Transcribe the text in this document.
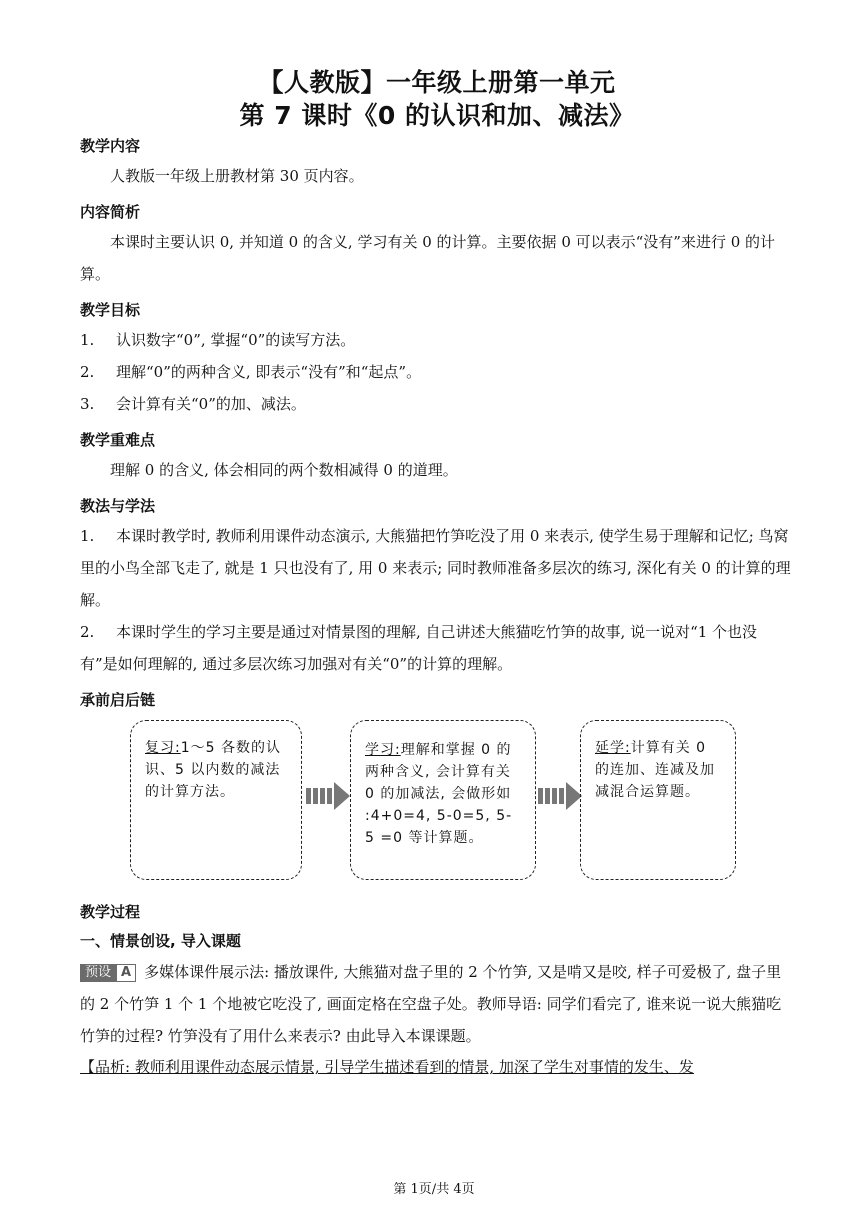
【人教版】一年级上册第一单元
第 7 课时《0 的认识和加、减法》
教学内容

人教版一年级上册教材第 30 页内容。

内容简析

本课时主要认识 0, 并知道 0 的含义, 学习有关 0 的计算。主要依据 0 可以表示“没有”来进行 0 的计算。

教学目标

1. 认识数字“0”, 掌握“0”的读写方法。

2. 理解“0”的两种含义, 即表示“没有”和“起点”。

3. 会计算有关“0”的加、减法。

教学重难点

理解 0 的含义, 体会相同的两个数相减得 0 的道理。

教法与学法

1. 本课时教学时, 教师利用课件动态演示, 大熊猫把竹笋吃没了用 0 来表示, 使学生易于理解和记忆; 鸟窝里的小鸟全部飞走了, 就是 1 只也没有了, 用 0 来表示; 同时教师准备多层次的练习, 深化有关 0 的计算的理解。

2. 本课时学生的学习主要是通过对情景图的理解, 自己讲述大熊猫吃竹笋的故事, 说一说对“1 个也没有”是如何理解的, 通过多层次练习加强对有关“0”的计算的理解。

承前启后链
复习:1～5 各数的认识、5 以内数的减法的计算方法。
学习:理解和掌握 0 的两种含义, 会计算有关 0 的加减法, 会做形如 :4+0=4, 5-0=5, 5-5 =0 等计算题。
延学:计算有关 0 的连加、连减及加减混合运算题。
教学过程

一、情景创设, 导入课题

预设 A 多媒体课件展示法: 播放课件, 大熊猫对盘子里的 2 个竹笋, 又是啃又是咬, 样子可爱极了, 盘子里的 2 个竹笋 1 个 1 个地被它吃没了, 画面定格在空盘子处。教师导语: 同学们看完了, 谁来说一说大熊猫吃竹笋的过程? 竹笋没有了用什么来表示? 由此导入本课课题。

【品析: 教师利用课件动态展示情景, 引导学生描述看到的情景, 加深了学生对事情的发生、发

第 1页/共 4页
